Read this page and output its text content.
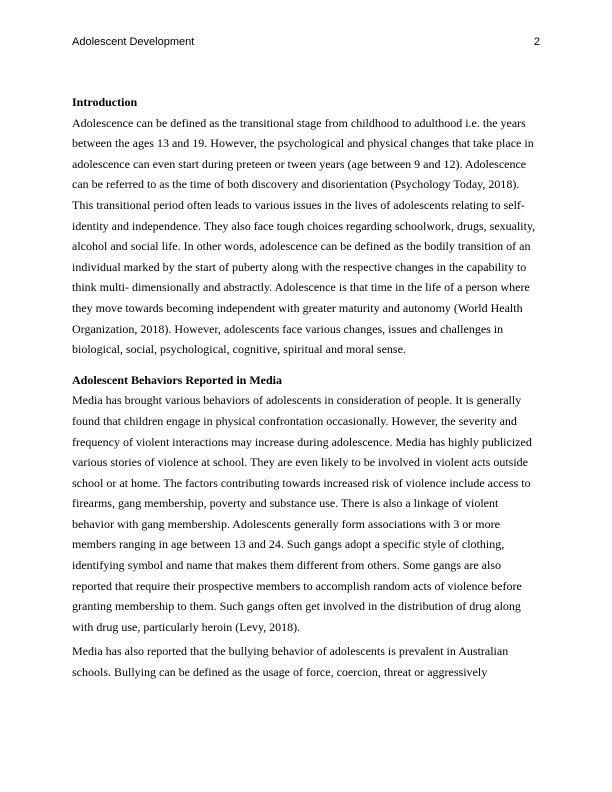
Adolescent Development	2
Introduction
Adolescence can be defined as the transitional stage from childhood to adulthood i.e. the years
between the ages 13 and 19. However, the psychological and physical changes that take place in
adolescence can even start during preteen or tween years (age between 9 and 12). Adolescence
can be referred to as the time of both discovery and disorientation (Psychology Today, 2018).
This transitional period often leads to various issues in the lives of adolescents relating to self-
identity and independence. They also face tough choices regarding schoolwork, drugs, sexuality,
alcohol and social life. In other words, adolescence can be defined as the bodily transition of an
individual marked by the start of puberty along with the respective changes in the capability to
think multi- dimensionally and abstractly. Adolescence is that time in the life of a person where
they move towards becoming independent with greater maturity and autonomy (World Health
Organization, 2018). However, adolescents face various changes, issues and challenges in
biological, social, psychological, cognitive, spiritual and moral sense.
Adolescent Behaviors Reported in Media
Media has brought various behaviors of adolescents in consideration of people. It is generally
found that children engage in physical confrontation occasionally. However, the severity and
frequency of violent interactions may increase during adolescence. Media has highly publicized
various stories of violence at school. They are even likely to be involved in violent acts outside
school or at home. The factors contributing towards increased risk of violence include access to
firearms, gang membership, poverty and substance use. There is also a linkage of violent
behavior with gang membership. Adolescents generally form associations with 3 or more
members ranging in age between 13 and 24. Such gangs adopt a specific style of clothing,
identifying symbol and name that makes them different from others. Some gangs are also
reported that require their prospective members to accomplish random acts of violence before
granting membership to them. Such gangs often get involved in the distribution of drug along
with drug use, particularly heroin (Levy, 2018).
Media has also reported that the bullying behavior of adolescents is prevalent in Australian
schools. Bullying can be defined as the usage of force, coercion, threat or aggressively
